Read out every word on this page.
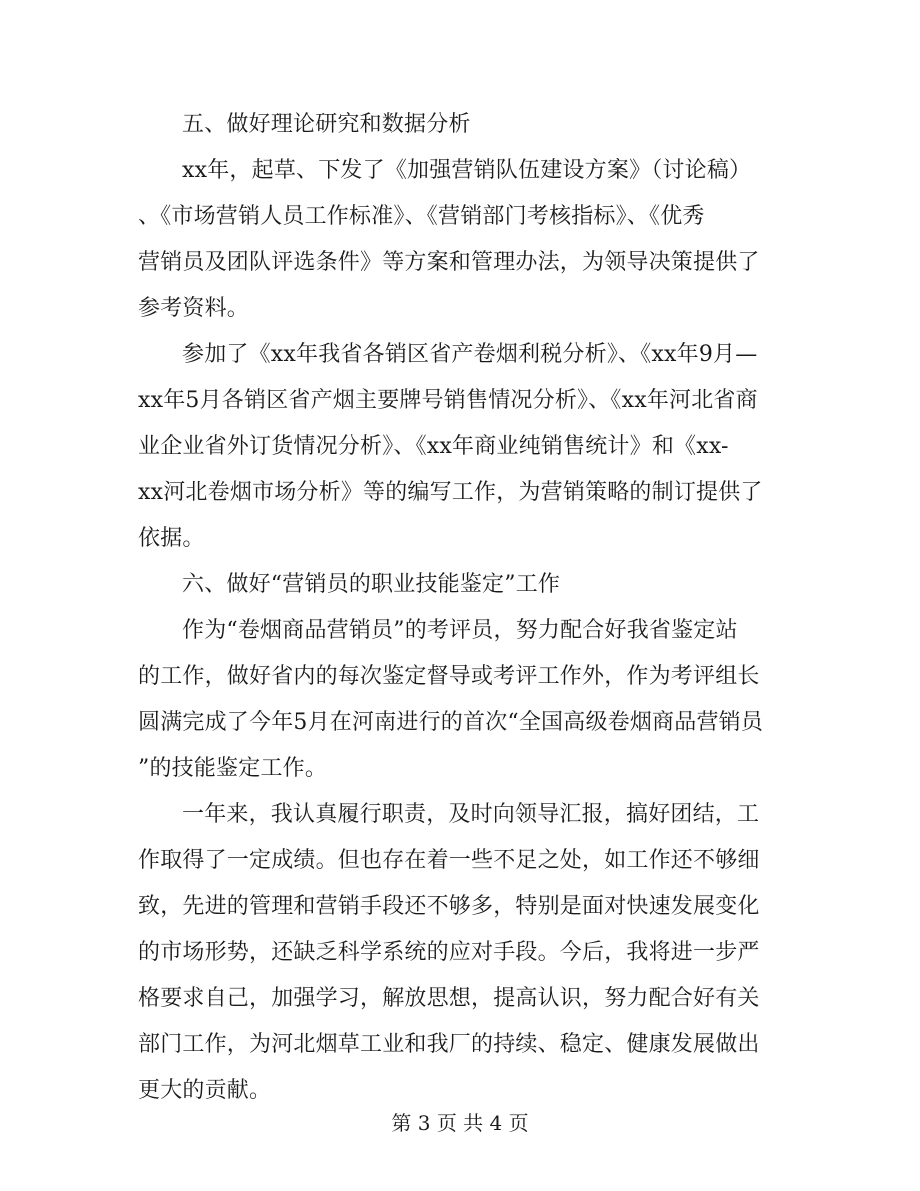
五、做好理论研究和数据分析
xx年，起草、下发了《加强营销队伍建设方案》（讨论稿）
、《市场营销人员工作标准》、《营销部门考核指标》、《优秀
营销员及团队评选条件》等方案和管理办法，为领导决策提供了
参考资料。
参加了《xx年我省各销区省产卷烟利税分析》、《xx年9月—
xx年5月各销区省产烟主要牌号销售情况分析》、《xx年河北省商
业企业省外订货情况分析》、《xx年商业纯销售统计》和《xx-
xx河北卷烟市场分析》等的编写工作，为营销策略的制订提供了
依据。
六、做好“营销员的职业技能鉴定”工作
作为“卷烟商品营销员”的考评员，努力配合好我省鉴定站
的工作，做好省内的每次鉴定督导或考评工作外，作为考评组长
圆满完成了今年5月在河南进行的首次“全国高级卷烟商品营销员
”的技能鉴定工作。
一年来，我认真履行职责，及时向领导汇报，搞好团结，工
作取得了一定成绩。但也存在着一些不足之处，如工作还不够细
致，先进的管理和营销手段还不够多，特别是面对快速发展变化
的市场形势，还缺乏科学系统的应对手段。今后，我将进一步严
格要求自己，加强学习，解放思想，提高认识，努力配合好有关
部门工作，为河北烟草工业和我厂的持续、稳定、健康发展做出
更大的贡献。
第 3 页 共 4 页
